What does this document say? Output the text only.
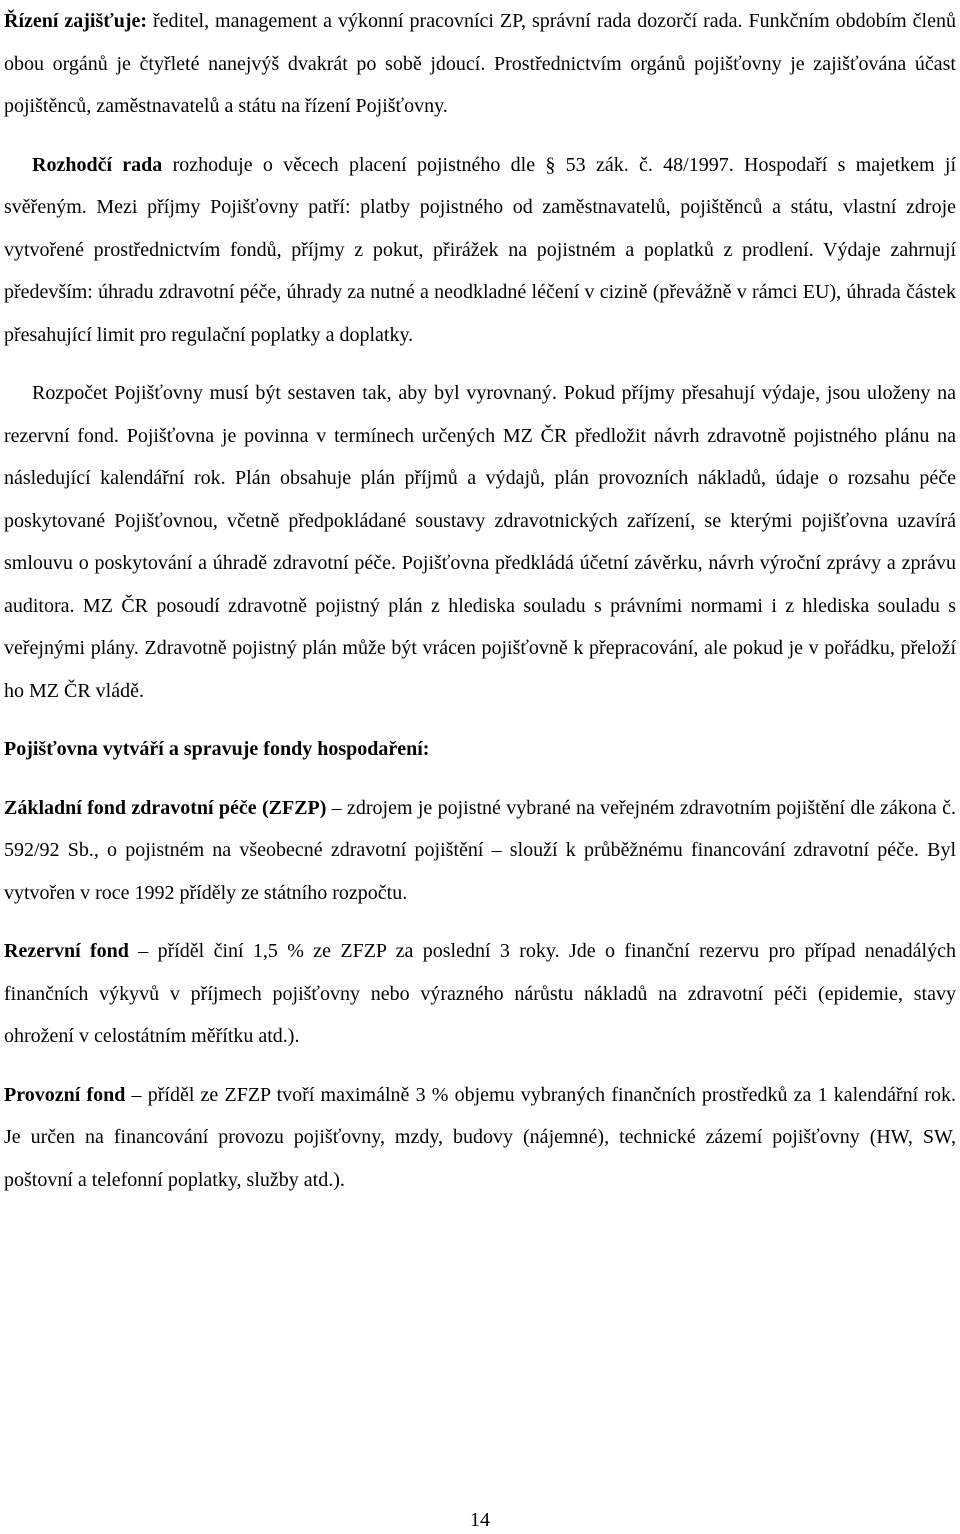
Řízení zajišťuje: ředitel, management a výkonní pracovníci ZP, správní rada dozorčí rada. Funkčním obdobím členů obou orgánů je čtyřleté nanejvýš dvakrát po sobě jdoucí. Prostřednictvím orgánů pojišťovny je zajišťována účast pojištěnců, zaměstnavatelů a státu na řízení Pojišťovny.

Rozhodčí rada rozhoduje o věcech placení pojistného dle § 53 zák. č. 48/1997. Hospodaří s majetkem jí svěřeným. Mezi příjmy Pojišťovny patří: platby pojistného od zaměstnavatelů, pojištěnců a státu, vlastní zdroje vytvořené prostřednictvím fondů, příjmy z pokut, přirážek na pojistném a poplatků z prodlení. Výdaje zahrnují především: úhradu zdravotní péče, úhrady za nutné a neodkladné léčení v cizině (převážně v rámci EU), úhrada částek přesahující limit pro regulační poplatky a doplatky.

Rozpočet Pojišťovny musí být sestaven tak, aby byl vyrovnaný. Pokud příjmy přesahují výdaje, jsou uloženy na rezervní fond. Pojišťovna je povinna v termínech určených MZ ČR předložit návrh zdravotně pojistného plánu na následující kalendářní rok. Plán obsahuje plán příjmů a výdajů, plán provozních nákladů, údaje o rozsahu péče poskytované Pojišťovnou, včetně předpokládané soustavy zdravotnických zařízení, se kterými pojišťovna uzavírá smlouvu o poskytování a úhradě zdravotní péče. Pojišťovna předkládá účetní závěrku, návrh výroční zprávy a zprávu auditora. MZ ČR posoudí zdravotně pojistný plán z hlediska souladu s právními normami i z hlediska souladu s veřejnými plány. Zdravotně pojistný plán může být vrácen pojišťovně k přepracování, ale pokud je v pořádku, přeloží ho MZ ČR vládě.

Pojišťovna vytváří a spravuje fondy hospodaření:

Základní fond zdravotní péče (ZFZP) – zdrojem je pojistné vybrané na veřejném zdravotním pojištění dle zákona č. 592/92 Sb., o pojistném na všeobecné zdravotní pojištění – slouží k průběžnému financování zdravotní péče. Byl vytvořen v roce 1992 příděly ze státního rozpočtu.

Rezervní fond – příděl činí 1,5 % ze ZFZP za poslední 3 roky. Jde o finanční rezervu pro případ nenadálých finančních výkyvů v příjmech pojišťovny nebo výrazného nárůstu nákladů na zdravotní péči (epidemie, stavy ohrožení v celostátním měřítku atd.).

Provozní fond – příděl ze ZFZP tvoří maximálně 3 % objemu vybraných finančních prostředků za 1 kalendářní rok. Je určen na financování provozu pojišťovny, mzdy, budovy (nájemné), technické zázemí pojišťovny (HW, SW, poštovní a telefonní poplatky, služby atd.).

14
